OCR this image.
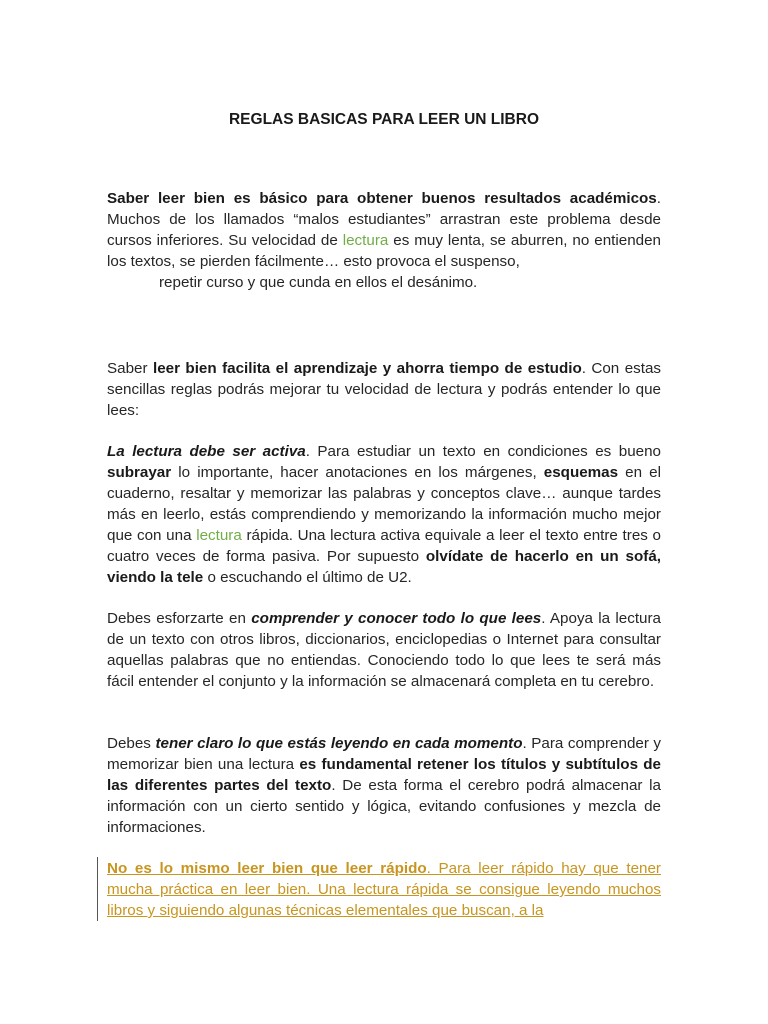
REGLAS BASICAS PARA LEER UN LIBRO

Saber leer bien es básico para obtener buenos resultados académicos. Muchos de los llamados “malos estudiantes” arrastran este problema desde cursos inferiores. Su velocidad de lectura es muy lenta, se aburren, no entienden los textos, se pierden fácilmente… esto provoca el suspenso,
repetir curso y que cunda en ellos el desánimo.

Saber leer bien facilita el aprendizaje y ahorra tiempo de estudio. Con estas sencillas reglas podrás mejorar tu velocidad de lectura y podrás entender lo que lees:

La lectura debe ser activa. Para estudiar un texto en condiciones es bueno subrayar lo importante, hacer anotaciones en los márgenes, esquemas en el cuaderno, resaltar y memorizar las palabras y conceptos clave… aunque tardes más en leerlo, estás comprendiendo y memorizando la información mucho mejor que con una lectura rápida. Una lectura activa equivale a leer el texto entre tres o cuatro veces de forma pasiva. Por supuesto olvídate de hacerlo en un sofá, viendo la tele o escuchando el último de U2.

Debes esforzarte en comprender y conocer todo lo que lees. Apoya la lectura de un texto con otros libros, diccionarios, enciclopedias o Internet para consultar aquellas palabras que no entiendas. Conociendo todo lo que lees te será más fácil entender el conjunto y la información se almacenará completa en tu cerebro.

Debes tener claro lo que estás leyendo en cada momento. Para comprender y memorizar bien una lectura es fundamental retener los títulos y subtítulos de las diferentes partes del texto. De esta forma el cerebro podrá almacenar la información con un cierto sentido y lógica, evitando confusiones y mezcla de informaciones.

No es lo mismo leer bien que leer rápido. Para leer rápido hay que tener mucha práctica en leer bien. Una lectura rápida se consigue leyendo muchos libros y siguiendo algunas técnicas elementales que buscan, a la
